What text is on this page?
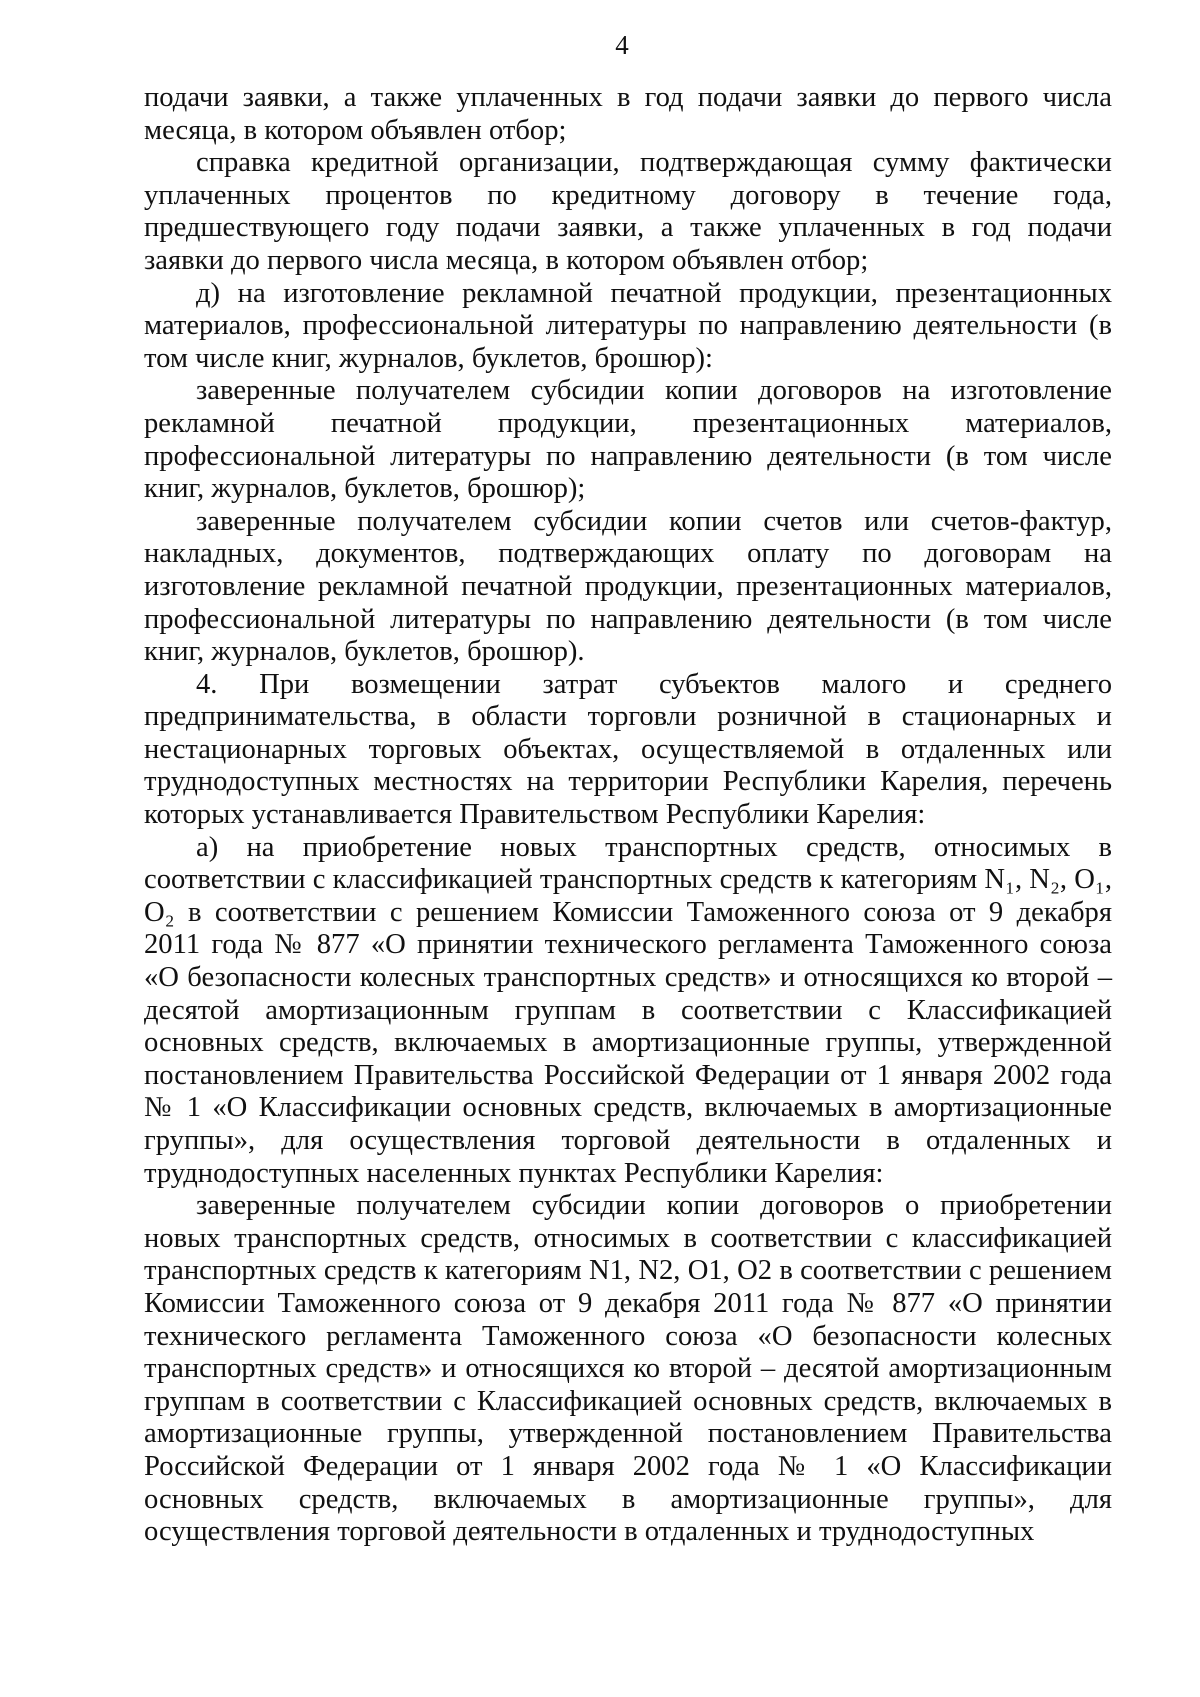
4

подачи заявки, а также уплаченных в год подачи заявки до первого числа месяца, в котором объявлен отбор;

справка кредитной организации, подтверждающая сумму фактически уплаченных процентов по кредитному договору в течение года, предшествующего году подачи заявки, а также уплаченных в год подачи заявки до первого числа месяца, в котором объявлен отбор;

д) на изготовление рекламной печатной продукции, презентационных материалов, профессиональной литературы по направлению деятельности (в том числе книг, журналов, буклетов, брошюр):

заверенные получателем субсидии копии договоров на изготовление рекламной печатной продукции, презентационных материалов, профессиональной литературы по направлению деятельности (в том числе книг, журналов, буклетов, брошюр);

заверенные получателем субсидии копии счетов или счетов-фактур, накладных, документов, подтверждающих оплату по договорам на изготовление рекламной печатной продукции, презентационных материалов, профессиональной литературы по направлению деятельности (в том числе книг, журналов, буклетов, брошюр).

4. При возмещении затрат субъектов малого и среднего предпринимательства, в области торговли розничной в стационарных и нестационарных торговых объектах, осуществляемой в отдаленных или труднодоступных местностях на территории Республики Карелия, перечень которых устанавливается Правительством Республики Карелия:

а) на приобретение новых транспортных средств, относимых в соответствии с классификацией транспортных средств к категориям N₁, N₂, O₁, O₂ в соответствии с решением Комиссии Таможенного союза от 9 декабря 2011 года № 877 «О принятии технического регламента Таможенного союза «О безопасности колесных транспортных средств» и относящихся ко второй – десятой амортизационным группам в соответствии с Классификацией основных средств, включаемых в амортизационные группы, утвержденной постановлением Правительства Российской Федерации от 1 января 2002 года № 1 «О Классификации основных средств, включаемых в амортизационные группы», для осуществления торговой деятельности в отдаленных и труднодоступных населенных пунктах Республики Карелия:

заверенные получателем субсидии копии договоров о приобретении новых транспортных средств, относимых в соответствии с классификацией транспортных средств к категориям N1, N2, O1, O2 в соответствии с решением Комиссии Таможенного союза от 9 декабря 2011 года № 877 «О принятии технического регламента Таможенного союза «О безопасности колесных транспортных средств» и относящихся ко второй – десятой амортизационным группам в соответствии с Классификацией основных средств, включаемых в амортизационные группы, утвержденной постановлением Правительства Российской Федерации от 1 января 2002 года № 1 «О Классификации основных средств, включаемых в амортизационные группы», для осуществления торговой деятельности в отдаленных и труднодоступных
